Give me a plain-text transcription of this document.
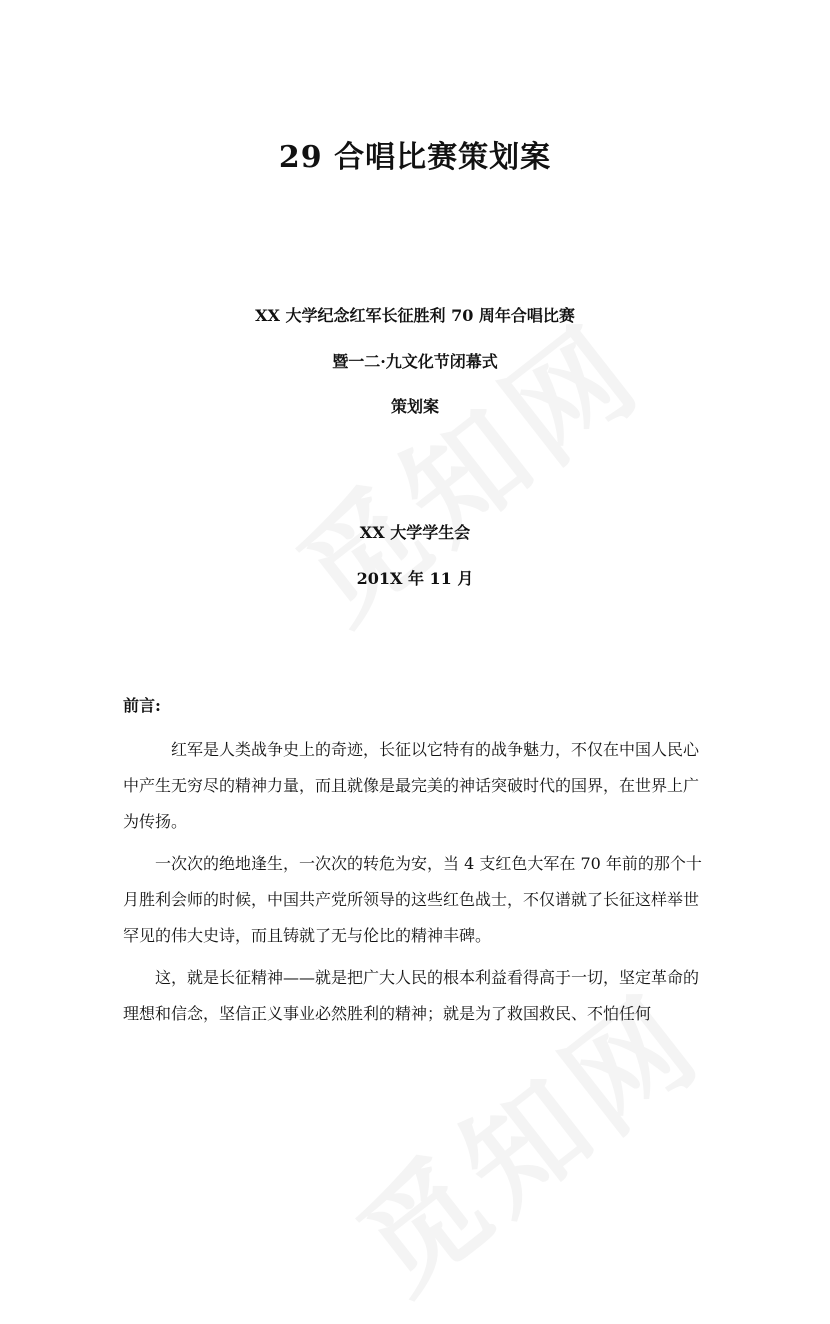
29 合唱比赛策划案
XX 大学纪念红军长征胜利 70 周年合唱比赛
暨一二·九文化节闭幕式
策划案
XX 大学学生会
201X 年 11 月
前言:

红军是人类战争史上的奇迹，长征以它特有的战争魅力，不仅在中国人民心中产生无穷尽的精神力量，而且就像是最完美的神话突破时代的国界，在世界上广为传扬。

一次次的绝地逢生，一次次的转危为安，当 4 支红色大军在 70 年前的那个十月胜利会师的时候，中国共产党所领导的这些红色战士，不仅谱就了长征这样举世罕见的伟大史诗，而且铸就了无与伦比的精神丰碑。

这，就是长征精神——就是把广大人民的根本利益看得高于一切，坚定革命的理想和信念，坚信正义事业必然胜利的精神；就是为了救国救民、不怕任何
